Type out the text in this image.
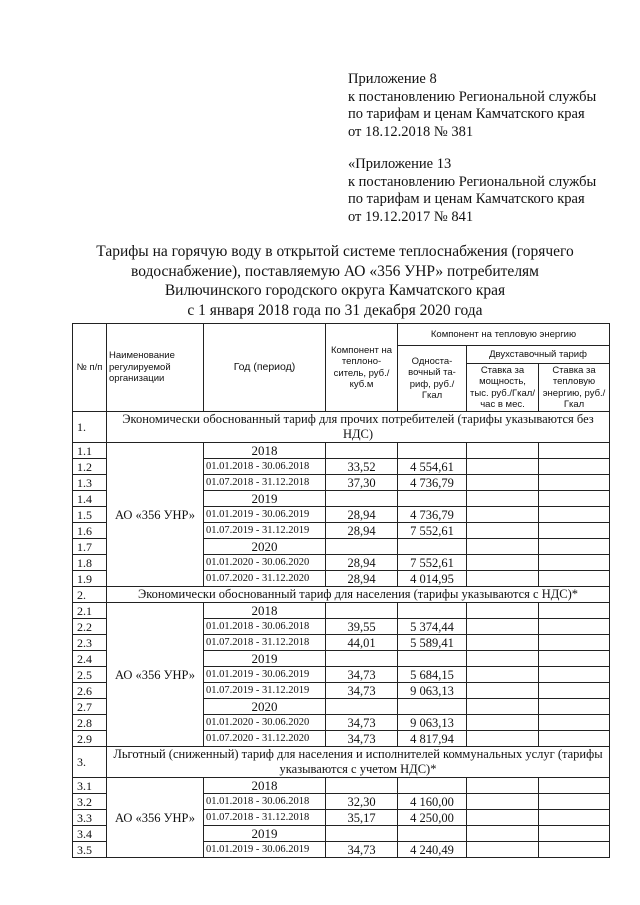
Приложение 8
к постановлению Региональной службы
по тарифам и ценам Камчатского края
от 18.12.2018 № 381
«Приложение 13
к постановлению Региональной службы
по тарифам и ценам Камчатского края
от 19.12.2017 № 841
Тарифы на горячую воду в открытой системе теплоснабжения (горячего
водоснабжение), поставляемую АО «356 УНР» потребителям
Вилючинского городского округа Камчатского края
с 1 января 2018 года по 31 декабря 2020 года
№ п/п	Наименование регулируемой организации	Год (период)	Компонент на теплоно-ситель, руб./куб.м	Компонент на тепловую энергию		
				Односта-вочный та-риф, руб./Гкал	Двухставочный тариф	
					Ставка за мощность, тыс. руб./Гкал/час в мес.	Ставка за тепловую энергию, руб./Гкал
1.	Экономически обоснованный тариф для прочих потребителей (тарифы указываются без НДС)					
1.1	АО «356 УНР»	2018				
1.2		01.01.2018 - 30.06.2018	33,52	4 554,61		
1.3		01.07.2018 - 31.12.2018	37,30	4 736,79		
1.4		2019				
1.5		01.01.2019 - 30.06.2019	28,94	4 736,79		
1.6		01.07.2019 - 31.12.2019	28,94	7 552,61		
1.7		2020				
1.8		01.01.2020 - 30.06.2020	28,94	7 552,61		
1.9		01.07.2020 - 31.12.2020	28,94	4 014,95		
2.	Экономически обоснованный тариф для населения (тарифы указываются с НДС)*					
2.1	АО «356 УНР»	2018				
2.2		01.01.2018 - 30.06.2018	39,55	5 374,44		
2.3		01.07.2018 - 31.12.2018	44,01	5 589,41		
2.4		2019				
2.5		01.01.2019 - 30.06.2019	34,73	5 684,15		
2.6		01.07.2019 - 31.12.2019	34,73	9 063,13		
2.7		2020				
2.8		01.01.2020 - 30.06.2020	34,73	9 063,13		
2.9		01.07.2020 - 31.12.2020	34,73	4 817,94		
3.	Льготный (сниженный) тариф для населения и исполнителей коммунальных услуг (тарифы указываются с учетом НДС)*					
3.1	АО «356 УНР»	2018				
3.2		01.01.2018 - 30.06.2018	32,30	4 160,00		
3.3		01.07.2018 - 31.12.2018	35,17	4 250,00		
3.4		2019				
3.5		01.01.2019 - 30.06.2019	34,73	4 240,49		
